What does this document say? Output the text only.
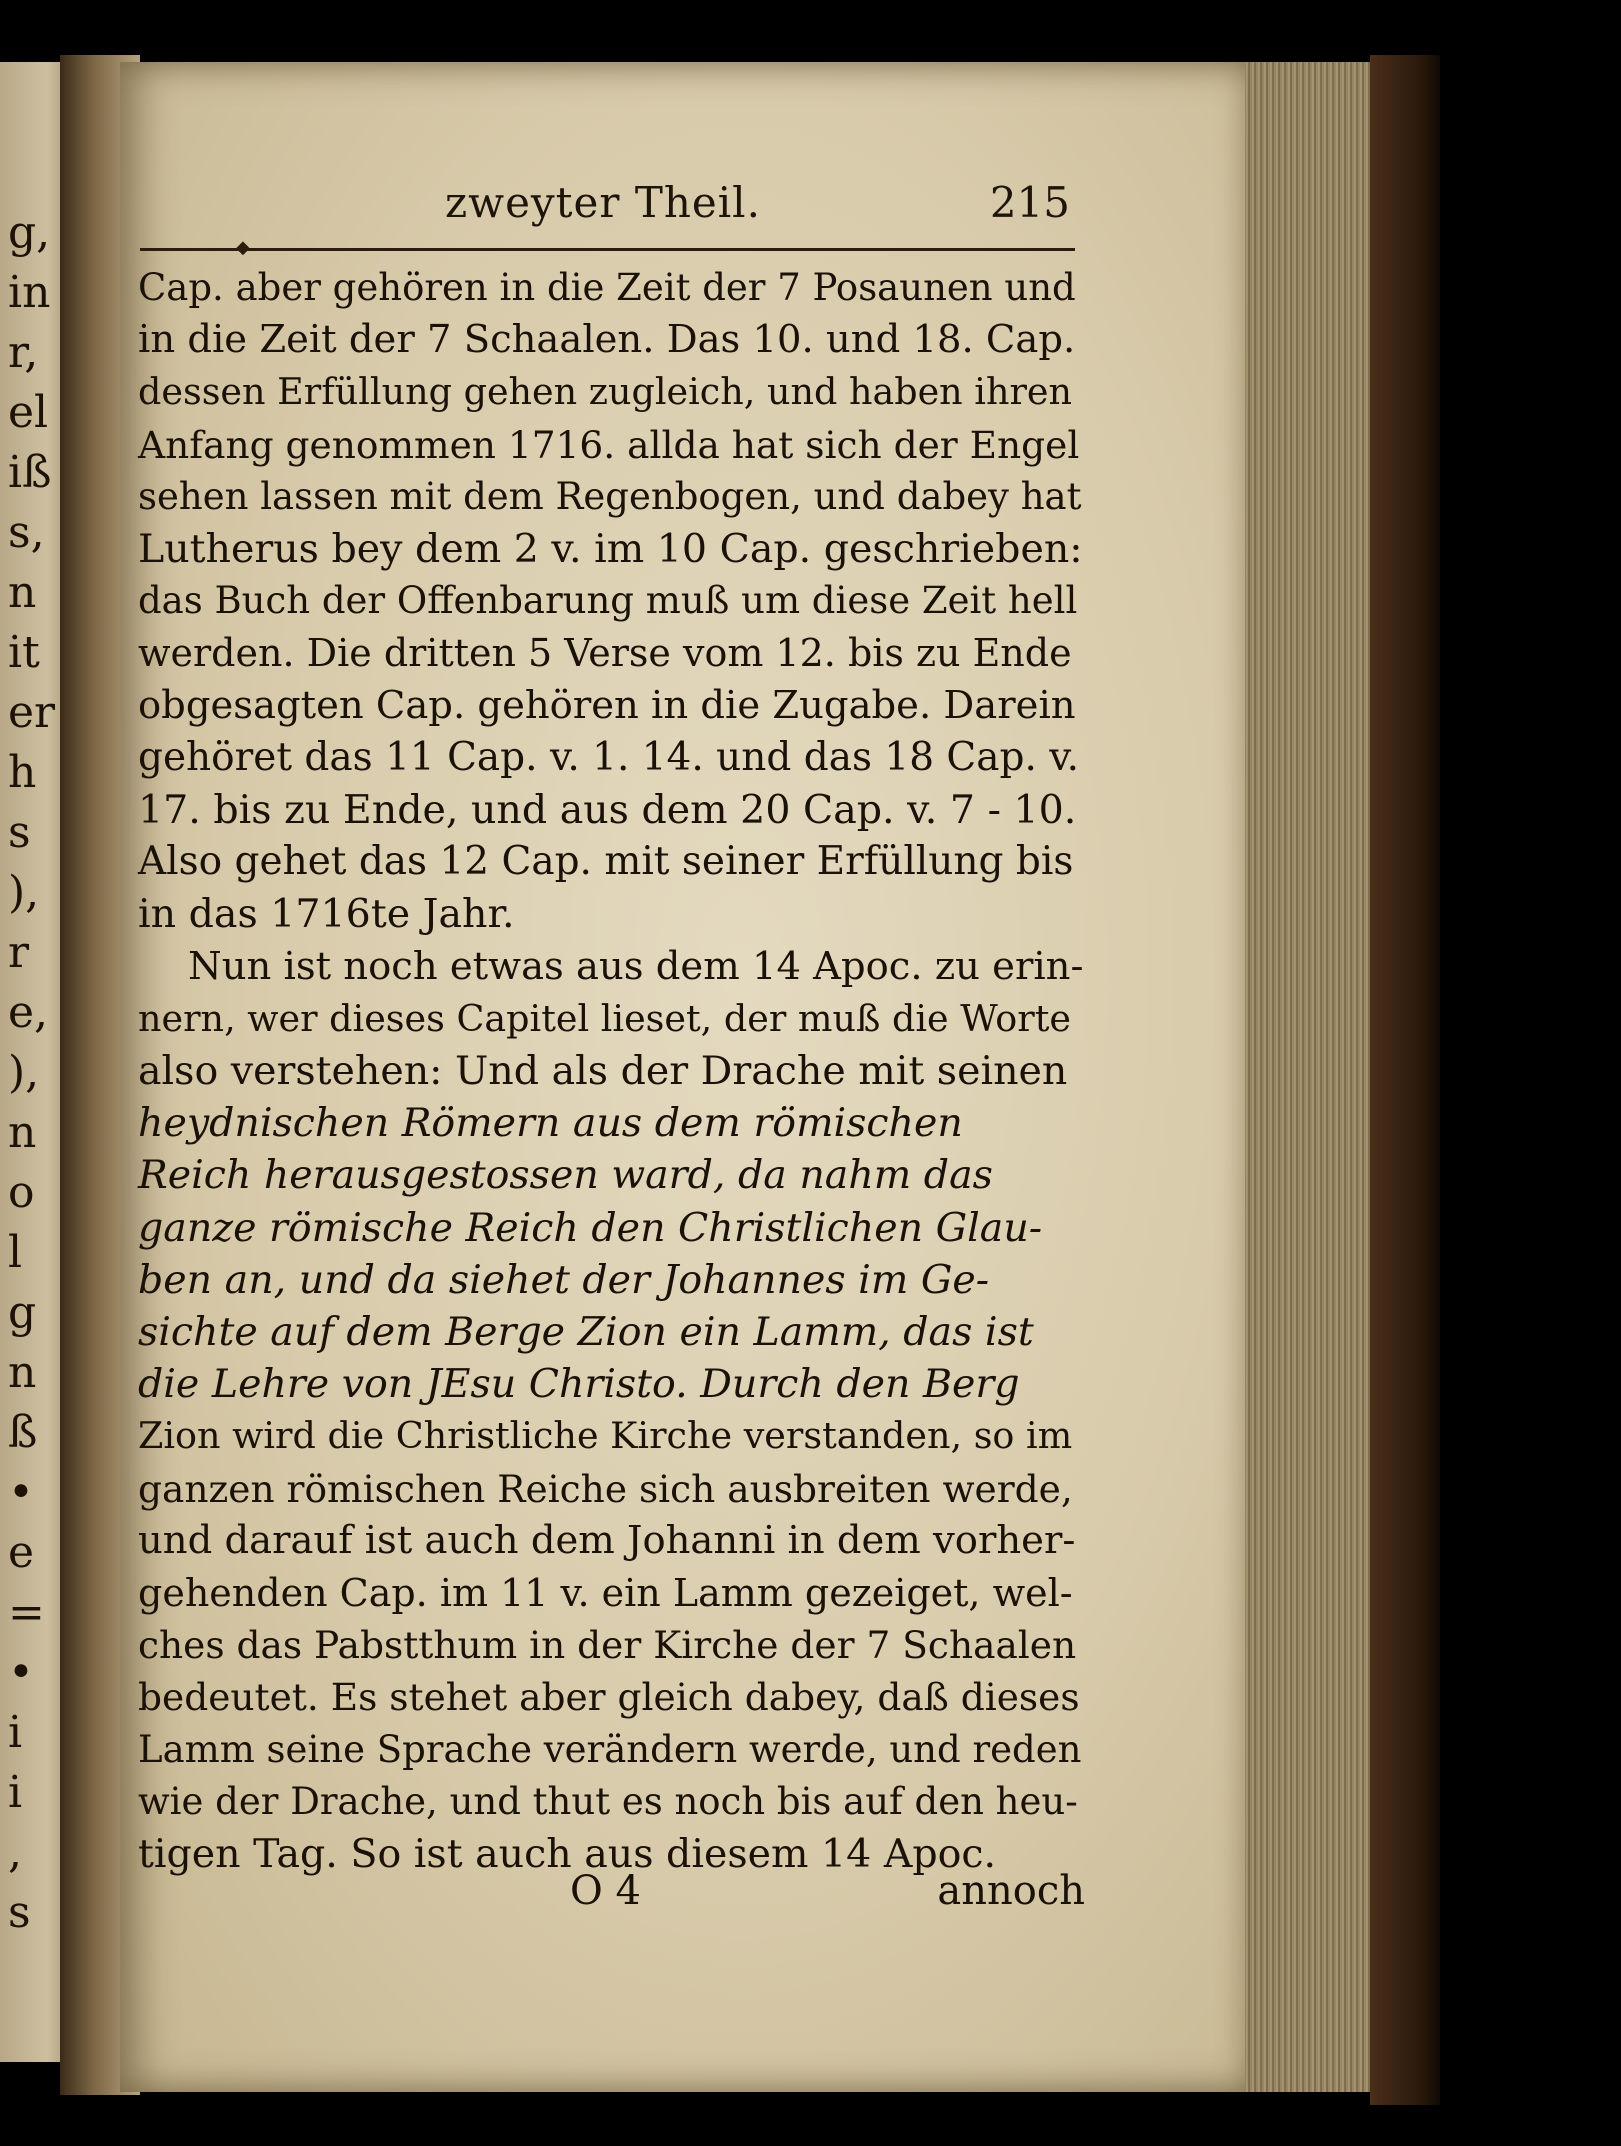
g,
in
r,
el
iß
s,
n
it
er
h
s
),
r
e,
),
n
o
l
g
n
ß
•
e
=
•
i
i
,
s
zweyter Theil.	215
◆
Cap. aber gehören in die Zeit der 7 Posaunen und
in die Zeit der 7 Schaalen. Das 10. und 18. Cap.
dessen Erfüllung gehen zugleich, und haben ihren
Anfang genommen 1716. allda hat sich der Engel
sehen lassen mit dem Regenbogen, und dabey hat
Lutherus bey dem 2 v. im 10 Cap. geschrieben:
das Buch der Offenbarung muß um diese Zeit hell
werden. Die dritten 5 Verse vom 12. bis zu Ende
obgesagten Cap. gehören in die Zugabe. Darein
gehöret das 11 Cap. v. 1. 14. und das 18 Cap. v.
17. bis zu Ende, und aus dem 20 Cap. v. 7 - 10.
Also gehet das 12 Cap. mit seiner Erfüllung bis
in das 1716te Jahr.
Nun ist noch etwas aus dem 14 Apoc. zu erin-
nern, wer dieses Capitel lieset, der muß die Worte
also verstehen: Und als der Drache mit seinen
heydnischen Römern aus dem römischen
Reich herausgestossen ward, da nahm das
ganze römische Reich den Christlichen Glau-
ben an, und da siehet der Johannes im Ge-
sichte auf dem Berge Zion ein Lamm, das ist
die Lehre von JEsu Christo. Durch den Berg
Zion wird die Christliche Kirche verstanden, so im
ganzen römischen Reiche sich ausbreiten werde,
und darauf ist auch dem Johanni in dem vorher-
gehenden Cap. im 11 v. ein Lamm gezeiget, wel-
ches das Pabstthum in der Kirche der 7 Schaalen
bedeutet. Es stehet aber gleich dabey, daß dieses
Lamm seine Sprache verändern werde, und reden
wie der Drache, und thut es noch bis auf den heu-
tigen Tag. So ist auch aus diesem 14 Apoc.
O 4	annoch
